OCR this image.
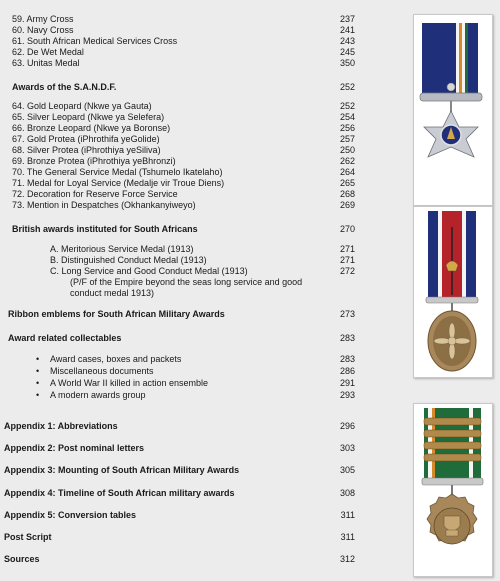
59. Army Cross	237
60. Navy Cross	241
61. South African Medical Services Cross	243
62. De Wet Medal	245
63. Unitas Medal	350
Awards of the S.A.N.D.F.	252
64. Gold Leopard (Nkwe ya Gauta)	252
65. Silver Leopard (Nkwe ya Selefera)	254
66. Bronze Leopard (Nkwe ya Boronse)	256
67. Gold Protea (iPhrothifa yeGolide)	257
68. Silver Protea (iPhrothiya yeSiliva)	250
69. Bronze Protea (iPhrothiya yeBhronzi)	262
70. The General Service Medal (Tshumelo Ikatelaho)	264
71. Medal for Loyal Service (Medalje vir Troue Diens)	265
72. Decoration for Reserve Force Service	268
73. Mention in Despatches (Okhankanyiweyo)	269
British awards instituted for South Africans	270
A. Meritorious Service Medal (1913)	271
B. Distinguished Conduct Medal (1913)	271
C. Long Service and Good Conduct Medal (1913)	272
(P/F of the Empire beyond the seas long service and good
conduct medal 1913)
Ribbon emblems for South African Military Awards	273
Award related collectables	283
Award cases, boxes and packets	283
Miscellaneous documents	286
A World War II killed in action ensemble	291
A modern awards group	293
Appendix 1: Abbreviations	296
Appendix 2: Post nominal letters	303
Appendix 3: Mounting of South African Military Awards	305
Appendix 4: Timeline of South African military awards	308
Appendix 5: Conversion tables	311
Post Script	311
Sources	312
